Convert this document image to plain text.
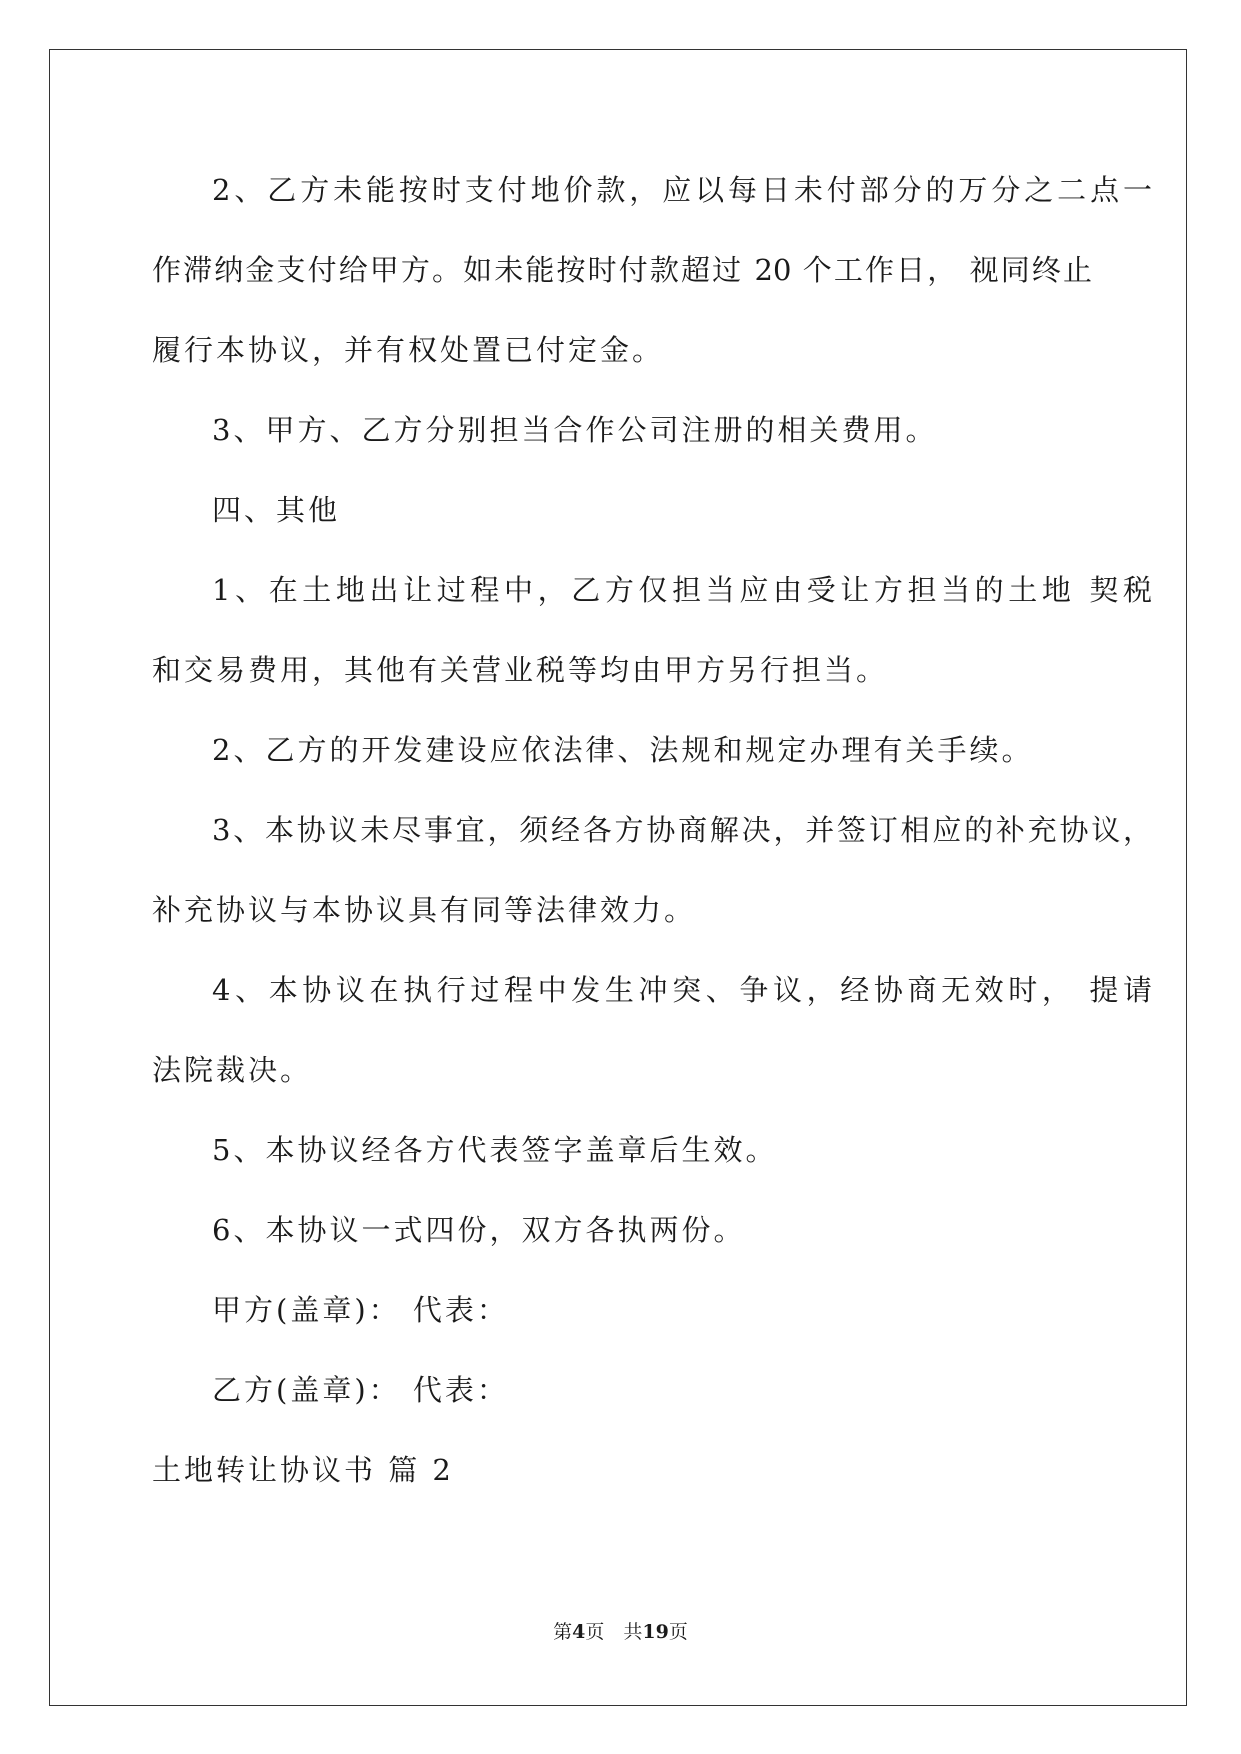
2、乙方未能按时支付地价款，应以每日未付部分的万分之二点一
作滞纳金支付给甲方。如未能按时付款超过 20 个工作日， 视同终止
履行本协议，并有权处置已付定金。
3、甲方、乙方分别担当合作公司注册的相关费用。
四、其他
1、在土地出让过程中，乙方仅担当应由受让方担当的土地 契税
和交易费用，其他有关营业税等均由甲方另行担当。
2、乙方的开发建设应依法律、法规和规定办理有关手续。
3、本协议未尽事宜，须经各方协商解决，并签订相应的补充协议，
补充协议与本协议具有同等法律效力。
4、本协议在执行过程中发生冲突、争议，经协商无效时， 提请
法院裁决。
5、本协议经各方代表签字盖章后生效。
6、本协议一式四份，双方各执两份。
甲方(盖章)： 代表：
乙方(盖章)： 代表：
土地转让协议书 篇 2
第4页　共19页
